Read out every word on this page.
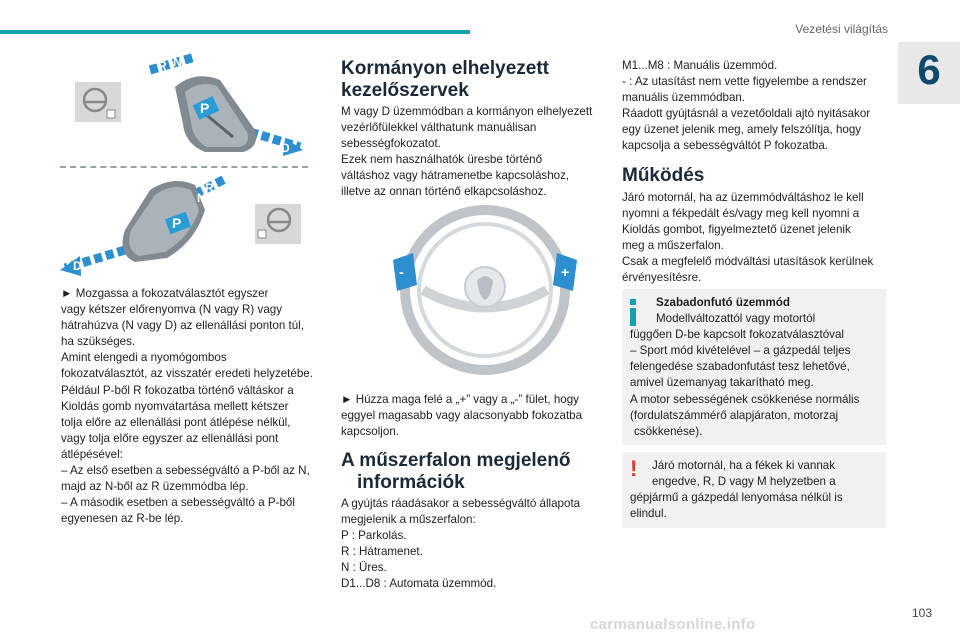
Vezetési világítás
6
P
R N
D
P
R
N
D

► Mozgassa a fokozatválasztót egyszer

vagy kétszer előrenyomva (N vagy R) vagy

hátrahúzva (N vagy D) az ellenállási ponton túl,

ha szükséges.

Amint elengedi a nyomógombos

fokozatválasztót, az visszatér eredeti helyzetébe.

Például P-ből R fokozatba történő váltáskor a

Kioldás gomb nyomvatartása mellett kétszer

tolja előre az ellenállási pont átlépése nélkül,

vagy tolja előre egyszer az ellenállási pont

átlépésével:

– Az első esetben a sebességváltó a P-ből az N,

majd az N-ből az R üzemmódba lép.

– A második esetben a sebességváltó a P-ből

egyenesen az R-be lép.

Kormányon elhelyezett
kezelőszervek

M vagy D üzemmódban a kormányon elhelyezett

vezérlőfülekkel válthatunk manuálisan

sebességfokozatot.

Ezek nem használhatók üresbe történő

váltáshoz vagy hátramenetbe kapcsoláshoz,

illetve az onnan történő elkapcsoláshoz.

-	+

► Húzza maga felé a „+” vagy a „-” fület, hogy

eggyel magasabb vagy alacsonyabb fokozatba

kapcsoljon.

A műszerfalon megjelenő
információk

A gyújtás ráadásakor a sebességváltó állapota

megjelenik a műszerfalon:

P : Parkolás.

R : Hátramenet.

N : Üres.

D1...D8 : Automata üzemmód.

M1...M8 : Manuális üzemmód.

- : Az utasítást nem vette figyelembe a rendszer

manuális üzemmódban.

Ráadott gyújtásnál a vezetőoldali ajtó nyitásakor

egy üzenet jelenik meg, amely felszólítja, hogy

kapcsolja a sebességváltót P fokozatba.

Működés

Járó motornál, ha az üzemmódváltáshoz le kell

nyomni a fékpedált és/vagy meg kell nyomni a

Kioldás gombot, figyelmeztető üzenet jelenik

meg a műszerfalon.

Csak a megfelelő módváltási utasítások kerülnek

érvényesítésre.

Szabadonfutó üzemmód

Modellváltozattól vagy motortól

függően D-be kapcsolt fokozatválasztóval

– Sport mód kivételével – a gázpedál teljes

felengedése szabadonfutást tesz lehetővé,

amivel üzemanyag takarítható meg.

A motor sebességének csökkenése normális

(fordulatszámmérő alapjáraton, motorzaj

csökkenése).

!	Járó motornál, ha a fékek ki vannak

engedve, R, D vagy M helyzetben a

gépjármű a gázpedál lenyomása nélkül is

elindul.

carmanualsonline.info
103
